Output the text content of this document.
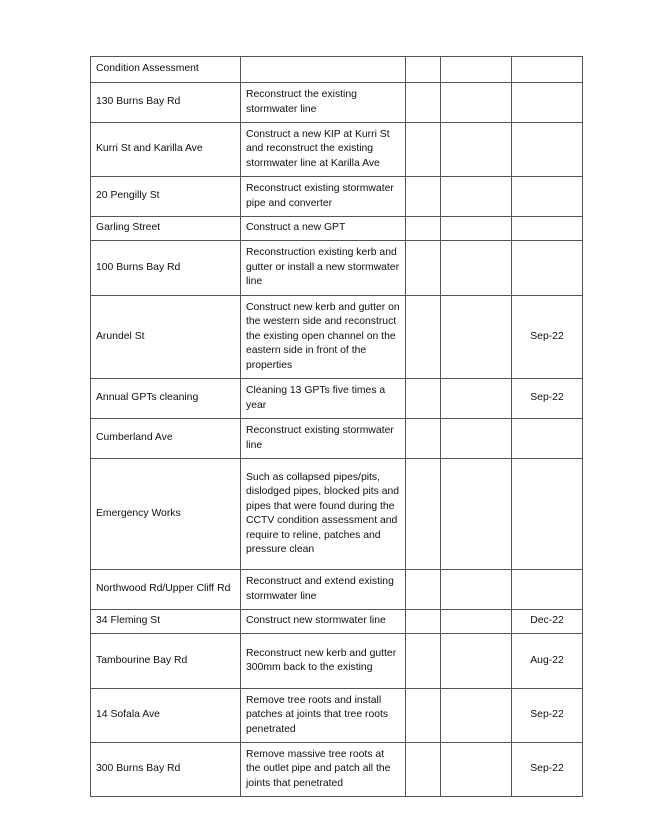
Condition Assessment				
130 Burns Bay Rd	Reconstruct the existing stormwater line			
Kurri St and Karilla Ave	Construct a new KIP at Kurri St and reconstruct the existing stormwater line at Karilla Ave			
20 Pengilly St	Reconstruct existing stormwater pipe and converter			
Garling Street	Construct a new GPT			
100 Burns Bay Rd	Reconstruction existing kerb and gutter or install a new stormwater line			
Arundel St	Construct new kerb and gutter on the western side and reconstruct the existing open channel on the eastern side in front of the properties			Sep-22
Annual GPTs cleaning	Cleaning 13 GPTs five times a year			Sep-22
Cumberland Ave	Reconstruct existing stormwater line			
Emergency Works	Such as collapsed pipes/pits, dislodged pipes, blocked pits and pipes that were found during the CCTV condition assessment and require to reline, patches and pressure clean			
Northwood Rd/Upper Cliff Rd	Reconstruct and extend existing stormwater line			
34 Fleming St	Construct new stormwater line			Dec-22
Tambourine Bay Rd	Reconstruct new kerb and gutter 300mm back to the existing			Aug-22
14 Sofala Ave	Remove tree roots and install patches at joints that tree roots penetrated			Sep-22
300 Burns Bay Rd	Remove massive tree roots at the outlet pipe and patch all the joints that penetrated			Sep-22
